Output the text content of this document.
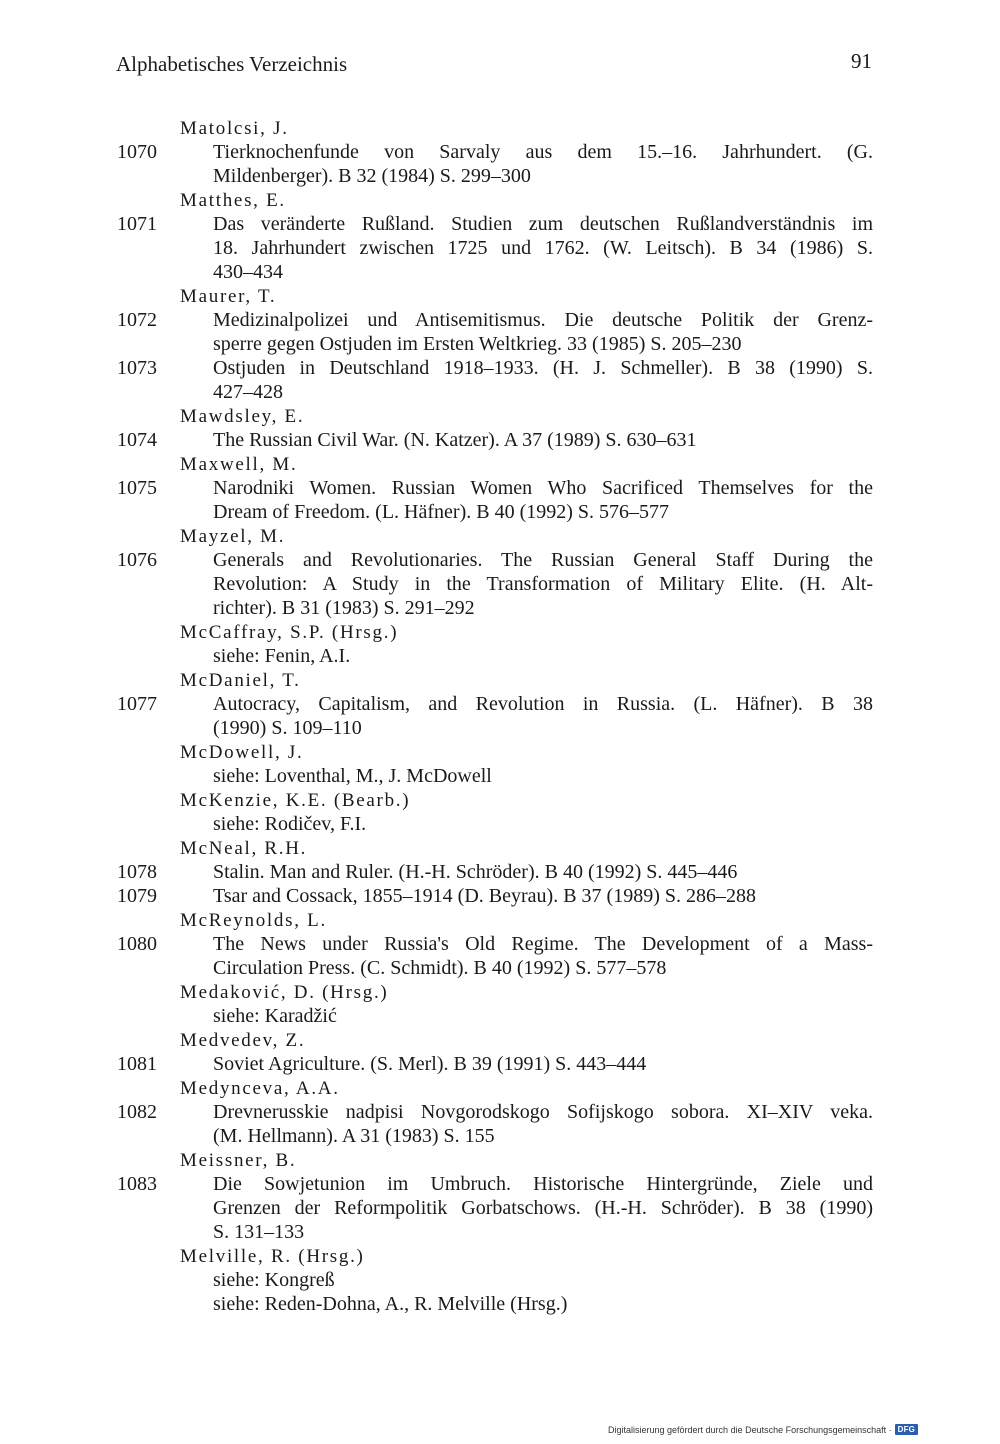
Alphabetisches Verzeichnis	91
Matolcsi, J.
1070	Tierknochenfunde von Sarvaly aus dem 15.–16. Jahrhundert. (G.
Mildenberger). B 32 (1984) S. 299–300
Matthes, E.
1071	Das veränderte Rußland. Studien zum deutschen Rußlandverständnis im
18. Jahrhundert zwischen 1725 und 1762. (W. Leitsch). B 34 (1986) S.
430–434
Maurer, T.
1072	Medizinalpolizei und Antisemitismus. Die deutsche Politik der Grenz-
sperre gegen Ostjuden im Ersten Weltkrieg. 33 (1985) S. 205–230
1073	Ostjuden in Deutschland 1918–1933. (H. J. Schmeller). B 38 (1990) S.
427–428
Mawdsley, E.
1074	The Russian Civil War. (N. Katzer). A 37 (1989) S. 630–631
Maxwell, M.
1075	Narodniki Women. Russian Women Who Sacrificed Themselves for the
Dream of Freedom. (L. Häfner). B 40 (1992) S. 576–577
Mayzel, M.
1076	Generals and Revolutionaries. The Russian General Staff During the
Revolution: A Study in the Transformation of Military Elite. (H. Alt-
richter). B 31 (1983) S. 291–292
McCaffray, S.P. (Hrsg.)
siehe: Fenin, A.I.
McDaniel, T.
1077	Autocracy, Capitalism, and Revolution in Russia. (L. Häfner). B 38
(1990) S. 109–110
McDowell, J.
siehe: Loventhal, M., J. McDowell
McKenzie, K.E. (Bearb.)
siehe: Rodičev, F.I.
McNeal, R.H.
1078	Stalin. Man and Ruler. (H.-H. Schröder). B 40 (1992) S. 445–446
1079	Tsar and Cossack, 1855–1914 (D. Beyrau). B 37 (1989) S. 286–288
McReynolds, L.
1080	The News under Russia's Old Regime. The Development of a Mass-
Circulation Press. (C. Schmidt). B 40 (1992) S. 577–578
Medaković, D. (Hrsg.)
siehe: Karadžić
Medvedev, Z.
1081	Soviet Agriculture. (S. Merl). B 39 (1991) S. 443–444
Medynceva, A.A.
1082	Drevnerusskie nadpisi Novgorodskogo Sofijskogo sobora. XI–XIV veka.
(M. Hellmann). A 31 (1983) S. 155
Meissner, B.
1083	Die Sowjetunion im Umbruch. Historische Hintergründe, Ziele und
Grenzen der Reformpolitik Gorbatschows. (H.-H. Schröder). B 38 (1990)
S. 131–133
Melville, R. (Hrsg.)
siehe: Kongreß
siehe: Reden-Dohna, A., R. Melville (Hrsg.)
Digitalisierung gefördert durch die Deutsche Forschungsgemeinschaft · DFG
